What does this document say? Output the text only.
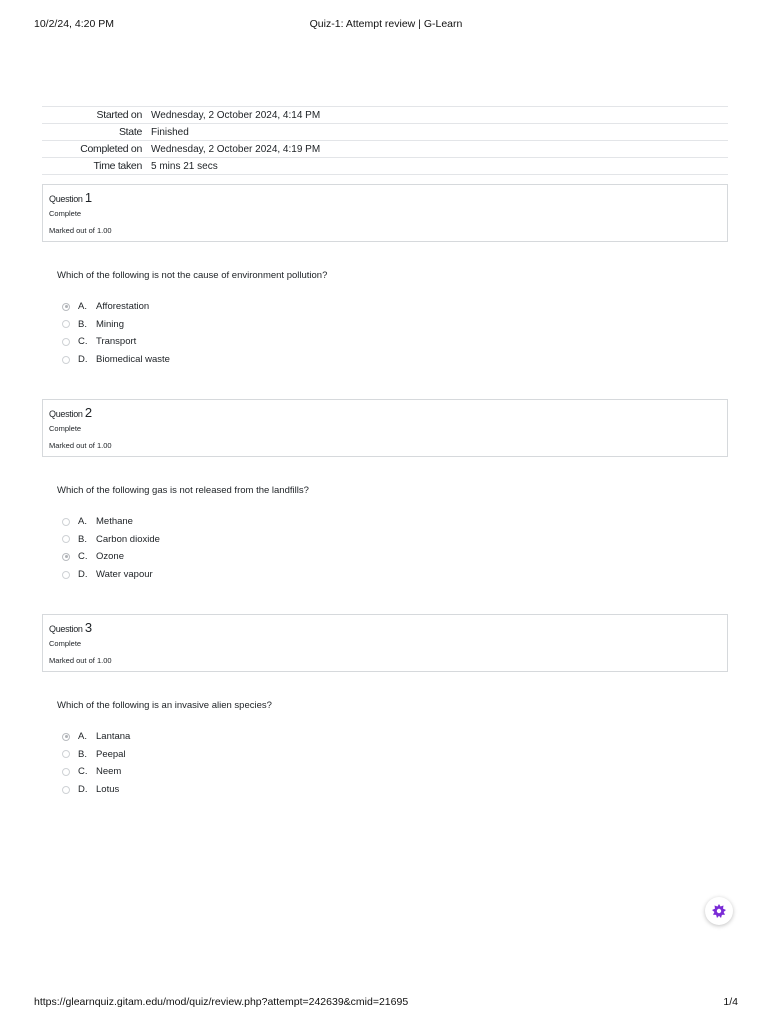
10/2/24, 4:20 PM	Quiz-1: Attempt review | G-Learn
Started on	Wednesday, 2 October 2024, 4:14 PM
State	Finished
Completed on	Wednesday, 2 October 2024, 4:19 PM
Time taken	5 mins 21 secs
Question 1
Complete
Marked out of 1.00
Which of the following is not the cause of environment pollution?
A. Afforestation
B. Mining
C. Transport
D. Biomedical waste
Question 2
Complete
Marked out of 1.00
Which of the following gas is not released from the landfills?
A. Methane
B. Carbon dioxide
C. Ozone
D. Water vapour
Question 3
Complete
Marked out of 1.00
Which of the following is an invasive alien species?
A. Lantana
B. Peepal
C. Neem
D. Lotus
https://glearnquiz.gitam.edu/mod/quiz/review.php?attempt=242639&cmid=21695	1/4
